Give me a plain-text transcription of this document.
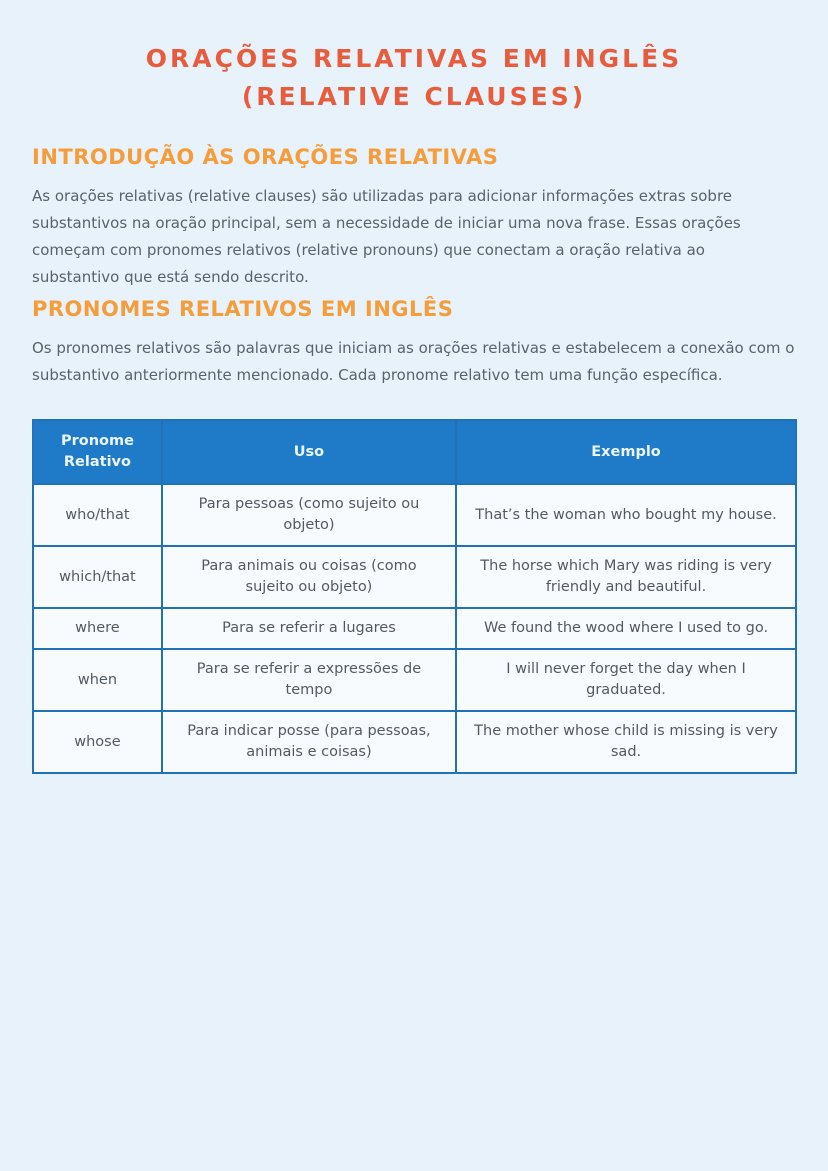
ORAÇÕES RELATIVAS EM INGLÊS (RELATIVE CLAUSES)
INTRODUÇÃO ÀS ORAÇÕES RELATIVAS

As orações relativas (relative clauses) são utilizadas para adicionar informações extras sobre substantivos na oração principal, sem a necessidade de iniciar uma nova frase. Essas orações começam com pronomes relativos (relative pronouns) que conectam a oração relativa ao substantivo que está sendo descrito.

PRONOMES RELATIVOS EM INGLÊS

Os pronomes relativos são palavras que iniciam as orações relativas e estabelecem a conexão com o substantivo anteriormente mencionado. Cada pronome relativo tem uma função específica.

Pronome Relativo	Uso	Exemplo
who/that	Para pessoas (como sujeito ou objeto)	That’s the woman who bought my house.
which/that	Para animais ou coisas (como sujeito ou objeto)	The horse which Mary was riding is very friendly and beautiful.
where	Para se referir a lugares	We found the wood where I used to go.
when	Para se referir a expressões de tempo	I will never forget the day when I graduated.
whose	Para indicar posse (para pessoas, animais e coisas)	The mother whose child is missing is very sad.
